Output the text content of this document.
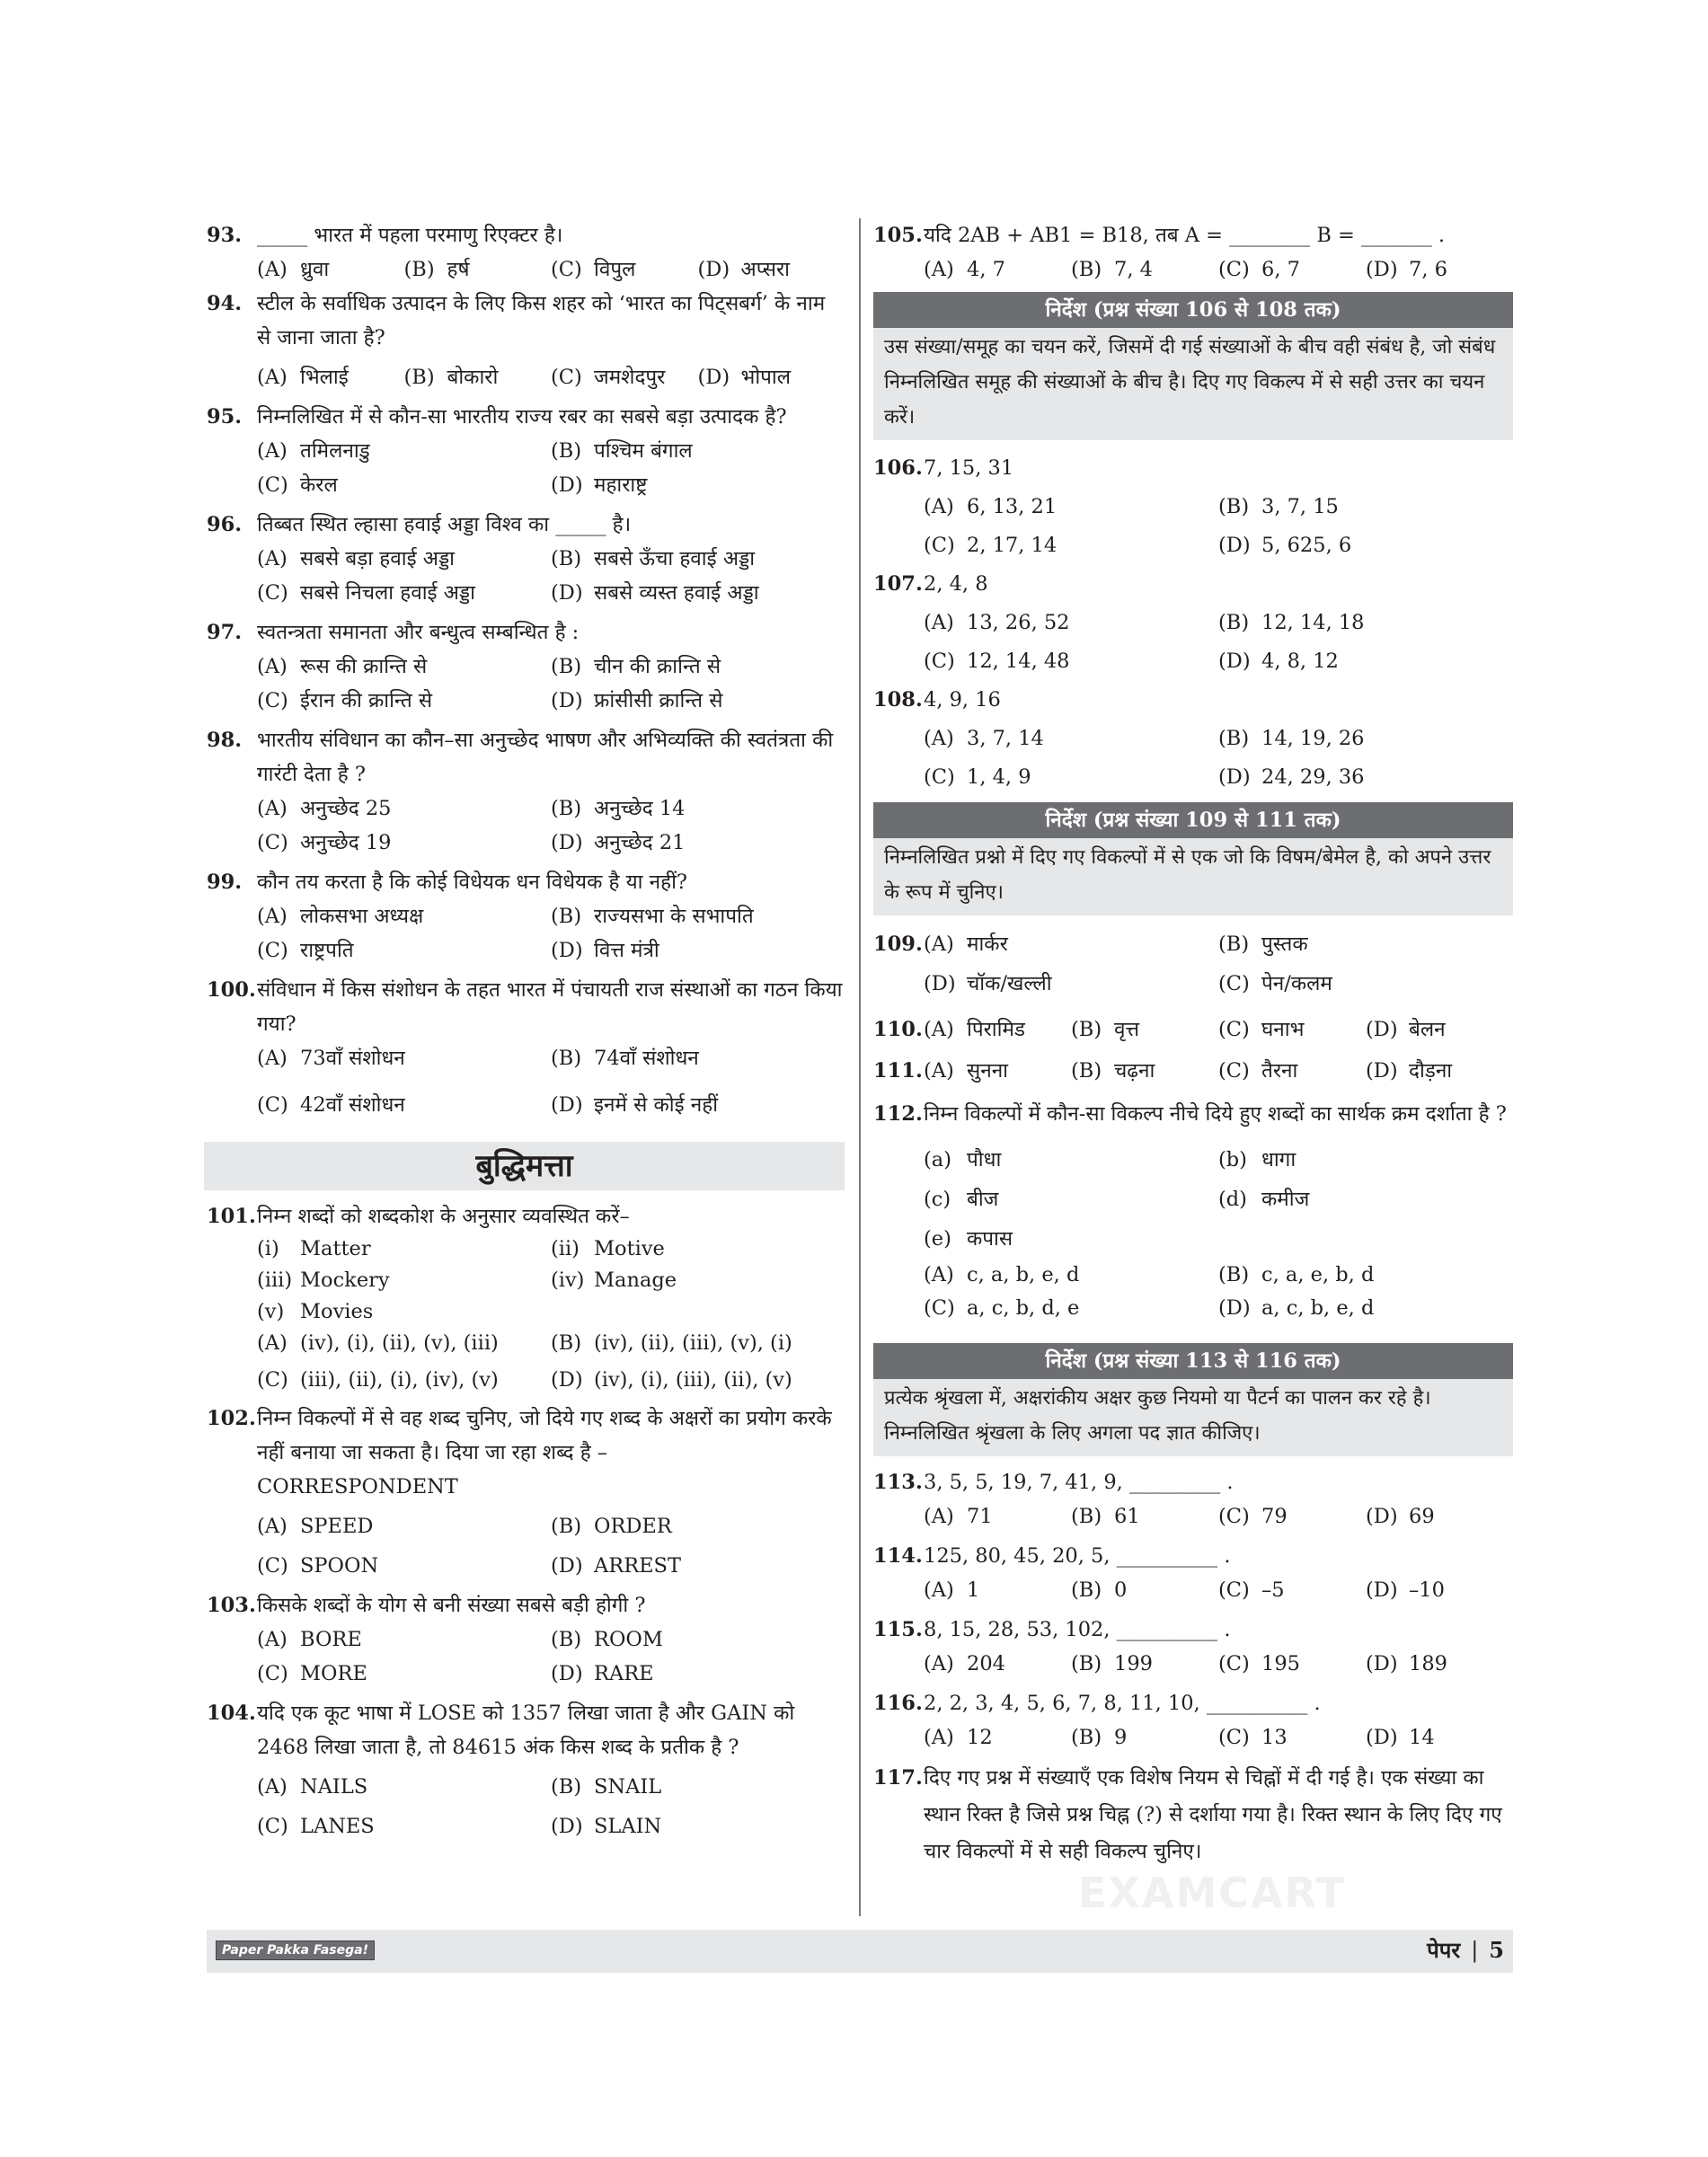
93. _____ भारत में पहला परमाणु रिएक्टर है।
(A) ध्रुवा	(B) हर्ष	(C) विपुल	(D) अप्सरा
94. स्टील के सर्वाधिक उत्पादन के लिए किस शहर को ‘भारत का पिट्सबर्ग’ के नाम से जाना जाता है?
(A) भिलाई	(B) बोकारो	(C) जमशेदपुर (D) भोपाल
95. निम्नलिखित में से कौन-सा भारतीय राज्य रबर का सबसे बड़ा उत्पादक है?
(A) तमिलनाडु	(B) पश्चिम बंगाल
(C) केरल	(D) महाराष्ट्र
96. तिब्बत स्थित ल्हासा हवाई अड्डा विश्व का _____ है।
(A) सबसे बड़ा हवाई अड्डा	(B) सबसे ऊँचा हवाई अड्डा
(C) सबसे निचला हवाई अड्डा	(D) सबसे व्यस्त हवाई अड्डा
97. स्वतन्त्रता समानता और बन्धुत्व सम्बन्धित है :
(A) रूस की क्रान्ति से	(B) चीन की क्रान्ति से
(C) ईरान की क्रान्ति से	(D) फ्रांसीसी क्रान्ति से
98. भारतीय संविधान का कौन–सा अनुच्छेद भाषण और अभिव्यक्ति की स्वतंत्रता की गारंटी देता है ?
(A) अनुच्छेद 25	(B) अनुच्छेद 14
(C) अनुच्छेद 19	(D) अनुच्छेद 21
99. कौन तय करता है कि कोई विधेयक धन विधेयक है या नहीं?
(A) लोकसभा अध्यक्ष	(B) राज्यसभा के सभापति
(C) राष्ट्रपति	(D) वित्त मंत्री
100. संविधान में किस संशोधन के तहत भारत में पंचायती राज संस्थाओं का गठन किया गया?
(A) 73वाँ संशोधन	(B) 74वाँ संशोधन
(C) 42वाँ संशोधन	(D) इनमें से कोई नहीं
बुद्धिमत्ता
101. निम्न शब्दों को शब्दकोश के अनुसार व्यवस्थित करें–
(i)	Matter	(ii) Motive
(iii) Mockery	(iv) Manage
(v) Movies
(A) (iv), (i), (ii), (v), (iii)	(B) (iv), (ii), (iii), (v), (i)
(C) (iii), (ii), (i), (iv), (v)	(D) (iv), (i), (iii), (ii), (v)
102. निम्न विकल्पों में से वह शब्द चुनिए, जो दिये गए शब्द के अक्षरों का प्रयोग करके नहीं बनाया जा सकता है। दिया जा रहा शब्द है –
CORRESPONDENT
(A) SPEED	(B) ORDER
(C) SPOON	(D) ARREST
103. किसके शब्दों के योग से बनी संख्या सबसे बड़ी होगी ?
(A) BORE	(B) ROOM
(C) MORE	(D) RARE
104. यदि एक कूट भाषा में LOSE को 1357 लिखा जाता है और GAIN को 2468 लिखा जाता है, तो 84615 अंक किस शब्द के प्रतीक है ?
(A) NAILS	(B) SNAIL
(C) LANES	(D) SLAIN
105. यदि 2AB + AB1 = B18, तब A = ________ B = _______ .
(A) 4, 7	(B) 7, 4	(C) 6, 7	(D) 7, 6
निर्देश (प्रश्न संख्या 106 से 108 तक)
उस संख्या/समूह का चयन करें, जिसमें दी गई संख्याओं के बीच वही संबंध है, जो संबंध निम्नलिखित समूह की संख्याओं के बीच है। दिए गए विकल्प में से सही उत्तर का चयन करें।
106. 7, 15, 31
(A) 6, 13, 21	(B) 3, 7, 15
(C) 2, 17, 14	(D) 5, 625, 6
107. 2, 4, 8
(A) 13, 26, 52	(B) 12, 14, 18
(C) 12, 14, 48	(D) 4, 8, 12
108. 4, 9, 16
(A) 3, 7, 14	(B) 14, 19, 26
(C) 1, 4, 9	(D) 24, 29, 36
निर्देश (प्रश्न संख्या 109 से 111 तक)
निम्नलिखित प्रश्नो में दिए गए विकल्पों में से एक जो कि विषम/बेमेल है, को अपने उत्तर के रूप में चुनिए।
109. (A) मार्कर	(B) पुस्तक
(D) चॉक/खल्ली	(C) पेन/कलम
110. (A) पिरामिड (B) वृत्त	(C) घनाभ	(D) बेलन
111. (A) सुनना	(B) चढ़ना	(C) तैरना	(D) दौड़ना
112. निम्न विकल्पों में कौन-सा विकल्प नीचे दिये हुए शब्दों का सार्थक क्रम दर्शाता है ?
(a) पौधा	(b) धागा
(c) बीज	(d) कमीज
(e) कपास
(A) c, a, b, e, d	(B) c, a, e, b, d
(C) a, c, b, d, e	(D) a, c, b, e, d
निर्देश (प्रश्न संख्या 113 से 116 तक)
प्रत्येक श्रृंखला में, अक्षरांकीय अक्षर कुछ नियमो या पैटर्न का पालन कर रहे है। निम्नलिखित श्रृंखला के लिए अगला पद ज्ञात कीजिए।
113. 3, 5, 5, 19, 7, 41, 9, _________ .
(A) 71	(B) 61	(C) 79	(D) 69
114. 125, 80, 45, 20, 5, __________ .
(A) 1	(B) 0	(C) –5	(D) –10
115. 8, 15, 28, 53, 102, __________ .
(A) 204	(B) 199	(C) 195	(D) 189
116. 2, 2, 3, 4, 5, 6, 7, 8, 11, 10, __________ .
(A) 12	(B) 9	(C) 13	(D) 14
117. दिए गए प्रश्न में संख्याएँ एक विशेष नियम से चिह्नों में दी गई है। एक संख्या का स्थान रिक्त है जिसे प्रश्न चिह्न (?) से दर्शाया गया है। रिक्त स्थान के लिए दिए गए चार विकल्पों में से सही विकल्प चुनिए।
EXAMCART
Paper Pakka Fasega!	पेपर | 5
